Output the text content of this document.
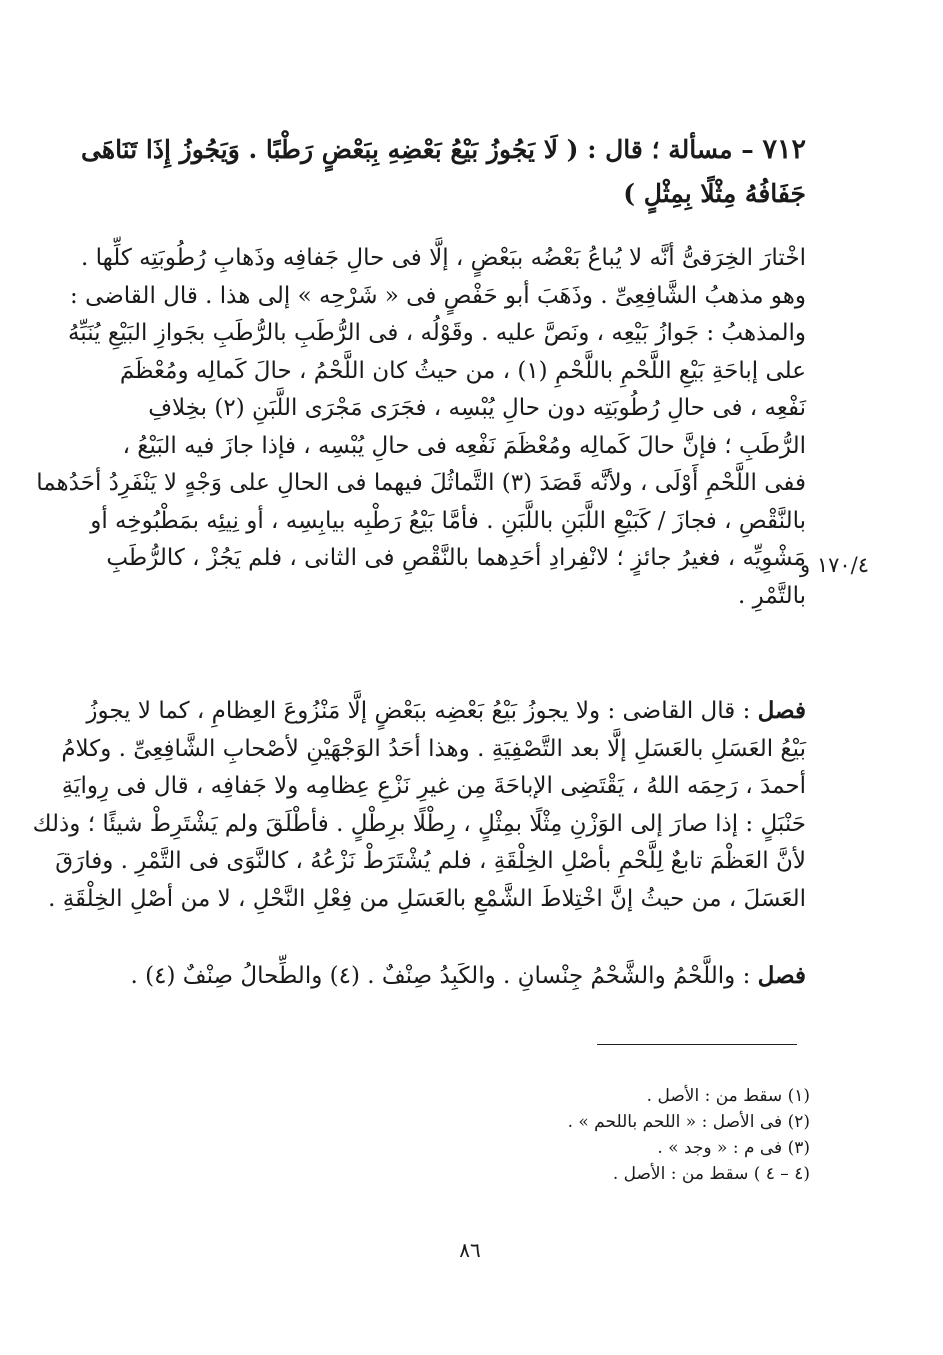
٧١٢ – مسألة ؛ قال : ( لَا يَجُوزُ بَيْعُ بَعْضِهِ بِبَعْضٍ رَطْبًا . وَيَجُوزُ إِذَا تَنَاهَى
جَفَافُهُ مِثْلًا بِمِثْلٍ )
اخْتارَ الخِرَقىُّ أنَّه لا يُباعُ بَعْضُه ببَعْضٍ ، إلَّا فى حالِ جَفافِه وذَهابِ رُطُوبَتِه كلِّها .
وهو مذهبُ الشَّافِعِىِّ . وذَهَبَ أبو حَفْصٍ فى « شَرْحِه » إلى هذا . قال القاضى :
والمذهبُ : جَوازُ بَيْعِه ، ونَصَّ عليه . وقَوْلُه ، فى الرُّطَبِ بالرُّطَبِ بجَوازِ البَيْعِ يُنَبِّهُ
على إباحَةِ بَيْعِ اللَّحْمِ باللَّحْمِ (١) ، من حيثُ كان اللَّحْمُ ، حالَ كَمالِه ومُعْظَمَ
نَفْعِه ، فى حالِ رُطُوبَتِه دون حالِ يُبْسِه ، فجَرَى مَجْرَى اللَّبَنِ (٢) بخِلافِ
الرُّطَبِ ؛ فإنَّ حالَ كَمالِه ومُعْظَمَ نَفْعِه فى حالِ يُبْسِه ، فإذا جازَ فيه البَيْعُ ،
ففى اللَّحْمِ أَوْلَى ، ولأنَّه قَصَدَ (٣) التَّماثُلَ فيهما فى الحالِ على وَجْهٍ لا يَنْفَرِدُ أحَدُهما
بالنَّقْصِ ، فجازَ / كَبَيْعِ اللَّبَنِ باللَّبَنِ . فأمَّا بَيْعُ رَطْبِه بيابِسِه ، أو نِيئِه بمَطْبُوخِه أو
مَشْوِيِّه ، فغيرُ جائزٍ ؛ لانْفِرادِ أحَدِهما بالنَّقْصِ فى الثانى ، فلم يَجُزْ ، كالرُّطَبِ
بالتَّمْرِ .
١٧٠/٤ و
فصل : قال القاضى : ولا يجوزُ بَيْعُ بَعْضِه ببَعْضٍ إلَّا مَنْزُوعَ العِظامِ ، كما لا يجوزُ
بَيْعُ العَسَلِ بالعَسَلِ إلَّا بعد التَّصْفِيَةِ . وهذا أحَدُ الوَجْهَيْنِ لأصْحابِ الشَّافِعِىِّ . وكلامُ
أحمدَ ، رَحِمَه اللهُ ، يَقْتَضِى الإباحَةَ مِن غيرِ نَزْعِ عِظامِه ولا جَفافِه ، قال فى رِوايَةِ
حَنْبَلٍ : إذا صارَ إلى الوَزْنِ مِثْلًا بمِثْلٍ ، رِطْلًا برِطْلٍ . فأطْلَقَ ولم يَشْتَرِطْ شيئًا ؛ وذلك
لأنَّ العَظْمَ تابعٌ لِلَّحْمِ بأصْلِ الخِلْقَةِ ، فلم يُشْتَرَطْ نَزْعُهُ ، كالنَّوَى فى التَّمْرِ . وفارَقَ
العَسَلَ ، من حيثُ إنَّ اخْتِلاطَ الشَّمْعِ بالعَسَلِ من فِعْلِ النَّحْلِ ، لا من أصْلِ الخِلْقَةِ .
فصل : واللَّحْمُ والشَّحْمُ جِنْسانِ . والكَبِدُ صِنْفٌ . (٤) والطِّحالُ صِنْفٌ (٤) .
(١) سقط من : الأصل .
(٢) فى الأصل : « اللحم باللحم » .
(٣) فى م : « وجد » .
(٤ – ٤ ) سقط من : الأصل .
٨٦
